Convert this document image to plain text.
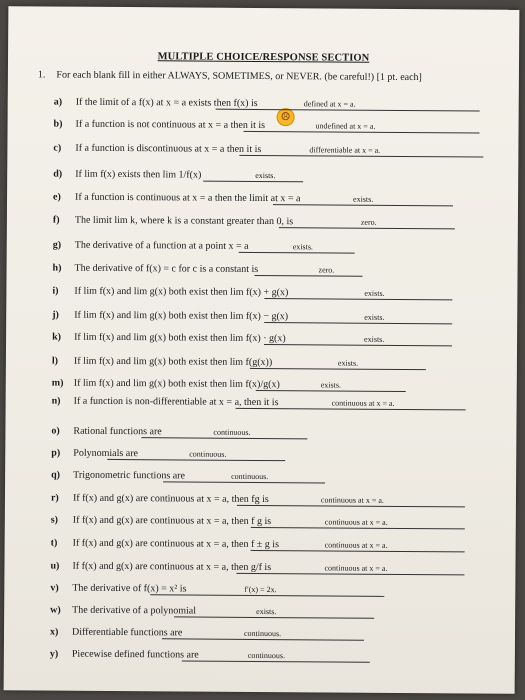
MULTIPLE CHOICE/RESPONSE SECTION
1. For each blank fill in either ALWAYS, SOMETIMES, or NEVER. (be careful!) [1 pt. each]
☹
a)	If the limit of a f(x) at x = a exists then f(x) is	defined at x = a.
b)	If a function is not continuous at x = a then it is	undefined at x = a.
c)	If a function is discontinuous at x = a then it is	differentiable at x = a.
d)	If lim f(x) exists then lim 1/f(x)	exists.
e)	If a function is continuous at x = a then the limit at x = a	exists.
f)	The limit lim k, where k is a constant greater than 0, is	zero.
g)	The derivative of a function at a point x = a	exists.
h)	The derivative of f(x) = c for c is a constant is	zero.
i)	If lim f(x) and lim g(x) both exist then lim f(x) + g(x)	exists.
j)	If lim f(x) and lim g(x) both exist then lim f(x) − g(x)	exists.
k)	If lim f(x) and lim g(x) both exist then lim f(x) · g(x)	exists.
l)	If lim f(x) and lim g(x) both exist then lim f(g(x))	exists.
m)	If lim f(x) and lim g(x) both exist then lim f(x)/g(x)	exists.
n)	If a function is non-differentiable at x = a, then it is	continuous at x = a.
o)	Rational functions are	continuous.
p)	Polynomials are	continuous.
q)	Trigonometric functions are	continuous.
r)	If f(x) and g(x) are continuous at x = a, then fg is	continuous at x = a.
s)	If f(x) and g(x) are continuous at x = a, then f g is	continuous at x = a.
t)	If f(x) and g(x) are continuous at x = a, then f ± g is	continuous at x = a.
u)	If f(x) and g(x) are continuous at x = a, then g/f is	continuous at x = a.
v)	The derivative of f(x) = x² is	f′(x) = 2x.
w)	The derivative of a polynomial	exists.
x)	Differentiable functions are	continuous.
y)	Piecewise defined functions are	continuous.
